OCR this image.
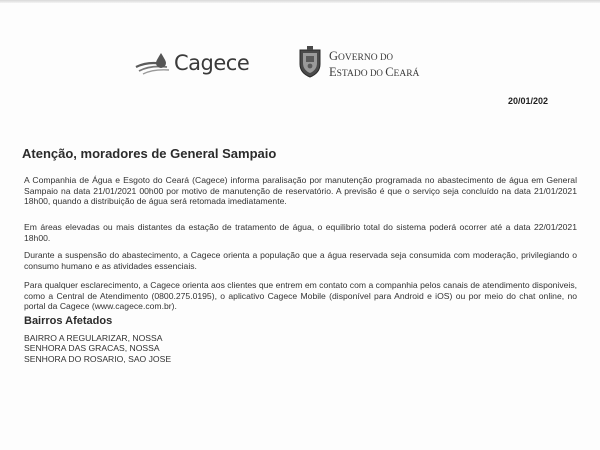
Cagece	GOVERNO DO
ESTADO DO CEARÁ
20/01/202
Atenção, moradores de General Sampaio
A Companhia de Água e Esgoto do Ceará (Cagece) informa paralisação por manutenção programada no abastecimento de água em General Sampaio na data 21/01/2021 00h00 por motivo de manutenção de reservatório. A previsão é que o serviço seja concluído na data 21/01/2021 18h00, quando a distribuição de água será retomada imediatamente.
Em áreas elevadas ou mais distantes da estação de tratamento de água, o equilibrio total do sistema poderá ocorrer até a data 22/01/2021 18h00.
Durante a suspensão do abastecimento, a Cagece orienta a população que a água reservada seja consumida com moderação, privilegiando o consumo humano e as atividades essenciais.
Para qualquer esclarecimento, a Cagece orienta aos clientes que entrem em contato com a companhia pelos canais de atendimento disponiveis, como a Central de Atendimento (0800.275.0195), o aplicativo Cagece Mobile (disponível para Android e iOS) ou por meio do chat online, no portal da Cagece (www.cagece.com.br).
Bairros Afetados
BAIRRO A REGULARIZAR, NOSSA
SENHORA DAS GRACAS, NOSSA
SENHORA DO ROSARIO, SAO JOSE
